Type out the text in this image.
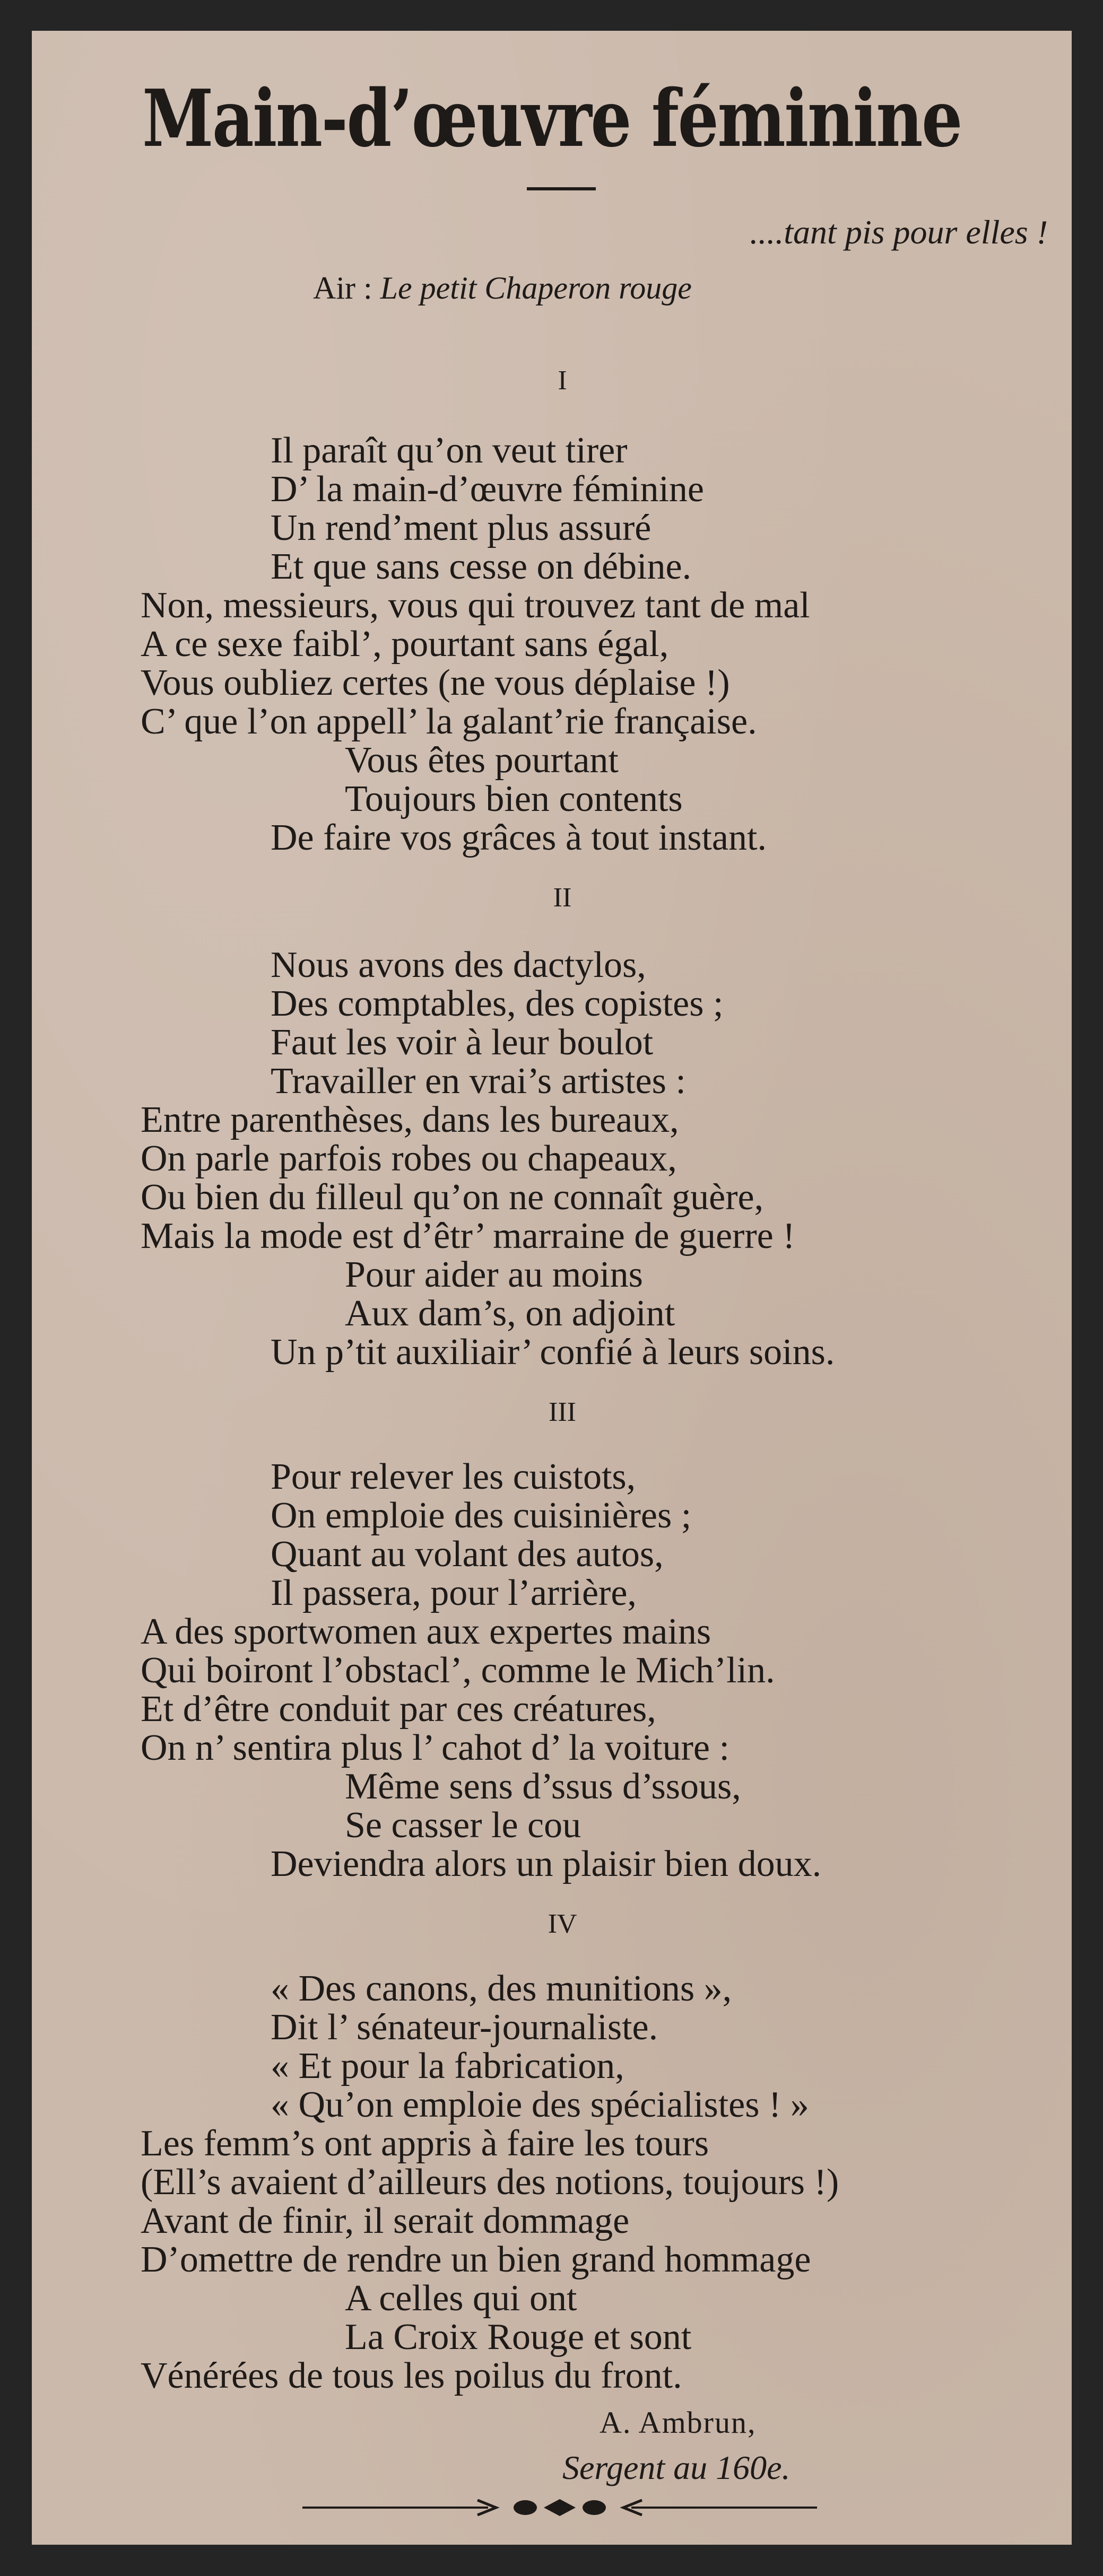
Main-d’œuvre féminine
....tant pis pour elles !
Air : Le petit Chaperon rouge
I
Il paraît qu’on veut tirer
D’ la main-d’œuvre féminine
Un rend’ment plus assuré
Et que sans cesse on débine.
Non, messieurs, vous qui trouvez tant de mal
A ce sexe faibl’, pourtant sans égal,
Vous oubliez certes (ne vous déplaise !)
C’ que l’on appell’ la galant’rie française.
Vous êtes pourtant
Toujours bien contents
De faire vos grâces à tout instant.
II
Nous avons des dactylos,
Des comptables, des copistes ;
Faut les voir à leur boulot
Travailler en vrai’s artistes :
Entre parenthèses, dans les bureaux,
On parle parfois robes ou chapeaux,
Ou bien du filleul qu’on ne connaît guère,
Mais la mode est d’êtr’ marraine de guerre !
Pour aider au moins
Aux dam’s, on adjoint
Un p’tit auxiliair’ confié à leurs soins.
III
Pour relever les cuistots,
On emploie des cuisinières ;
Quant au volant des autos,
Il passera, pour l’arrière,
A des sportwomen aux expertes mains
Qui boiront l’obstacl’, comme le Mich’lin.
Et d’être conduit par ces créatures,
On n’ sentira plus l’ cahot d’ la voiture :
Même sens d’ssus d’ssous,
Se casser le cou
Deviendra alors un plaisir bien doux.
IV
« Des canons, des munitions »,
Dit l’ sénateur-journaliste.
« Et pour la fabrication,
« Qu’on emploie des spécialistes ! »
Les femm’s ont appris à faire les tours
(Ell’s avaient d’ailleurs des notions, toujours !)
Avant de finir, il serait dommage
D’omettre de rendre un bien grand hommage
A celles qui ont
La Croix Rouge et sont
Vénérées de tous les poilus du front.
A. Ambrun,
Sergent au 160e.
